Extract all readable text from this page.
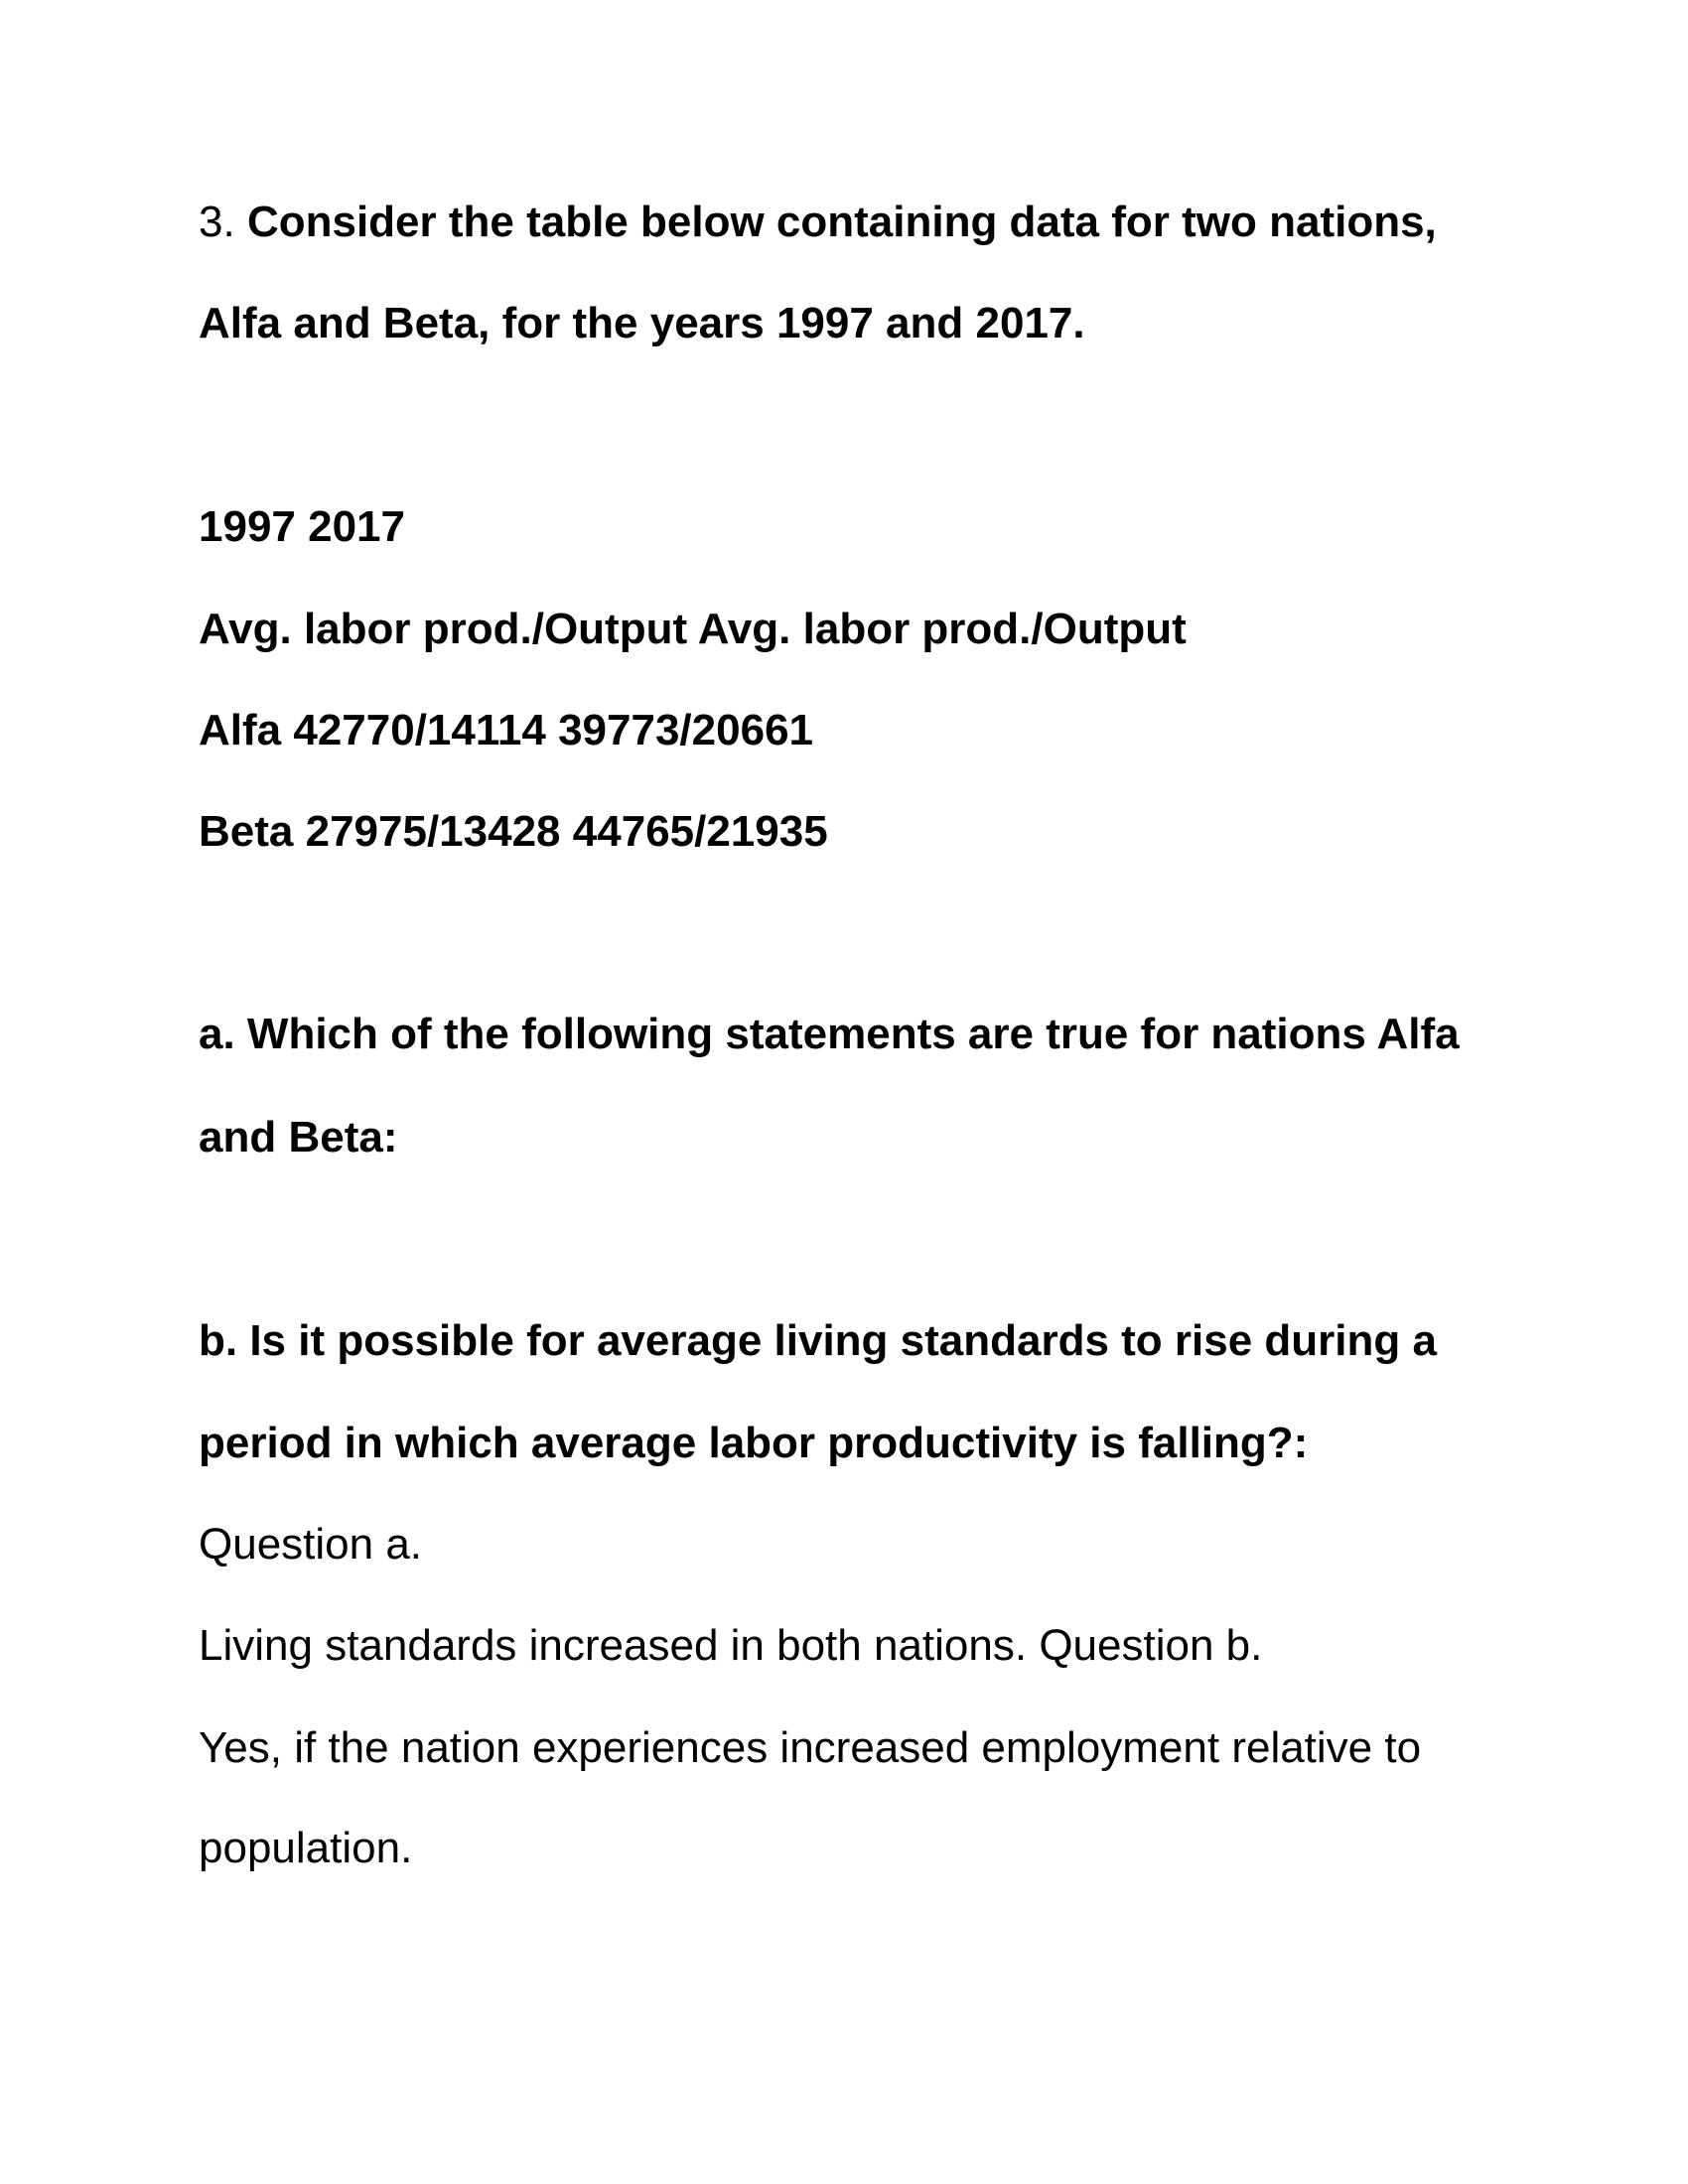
3. Consider the table below containing data for two nations,

Alfa and Beta, for the years 1997 and 2017.

1997 2017

Avg. labor prod./Output Avg. labor prod./Output

Alfa 42770/14114 39773/20661

Beta 27975/13428 44765/21935

a. Which of the following statements are true for nations Alfa

and Beta:

b. Is it possible for average living standards to rise during a

period in which average labor productivity is falling?:

Question a.

Living standards increased in both nations. Question b.

Yes, if the nation experiences increased employment relative to

population.
